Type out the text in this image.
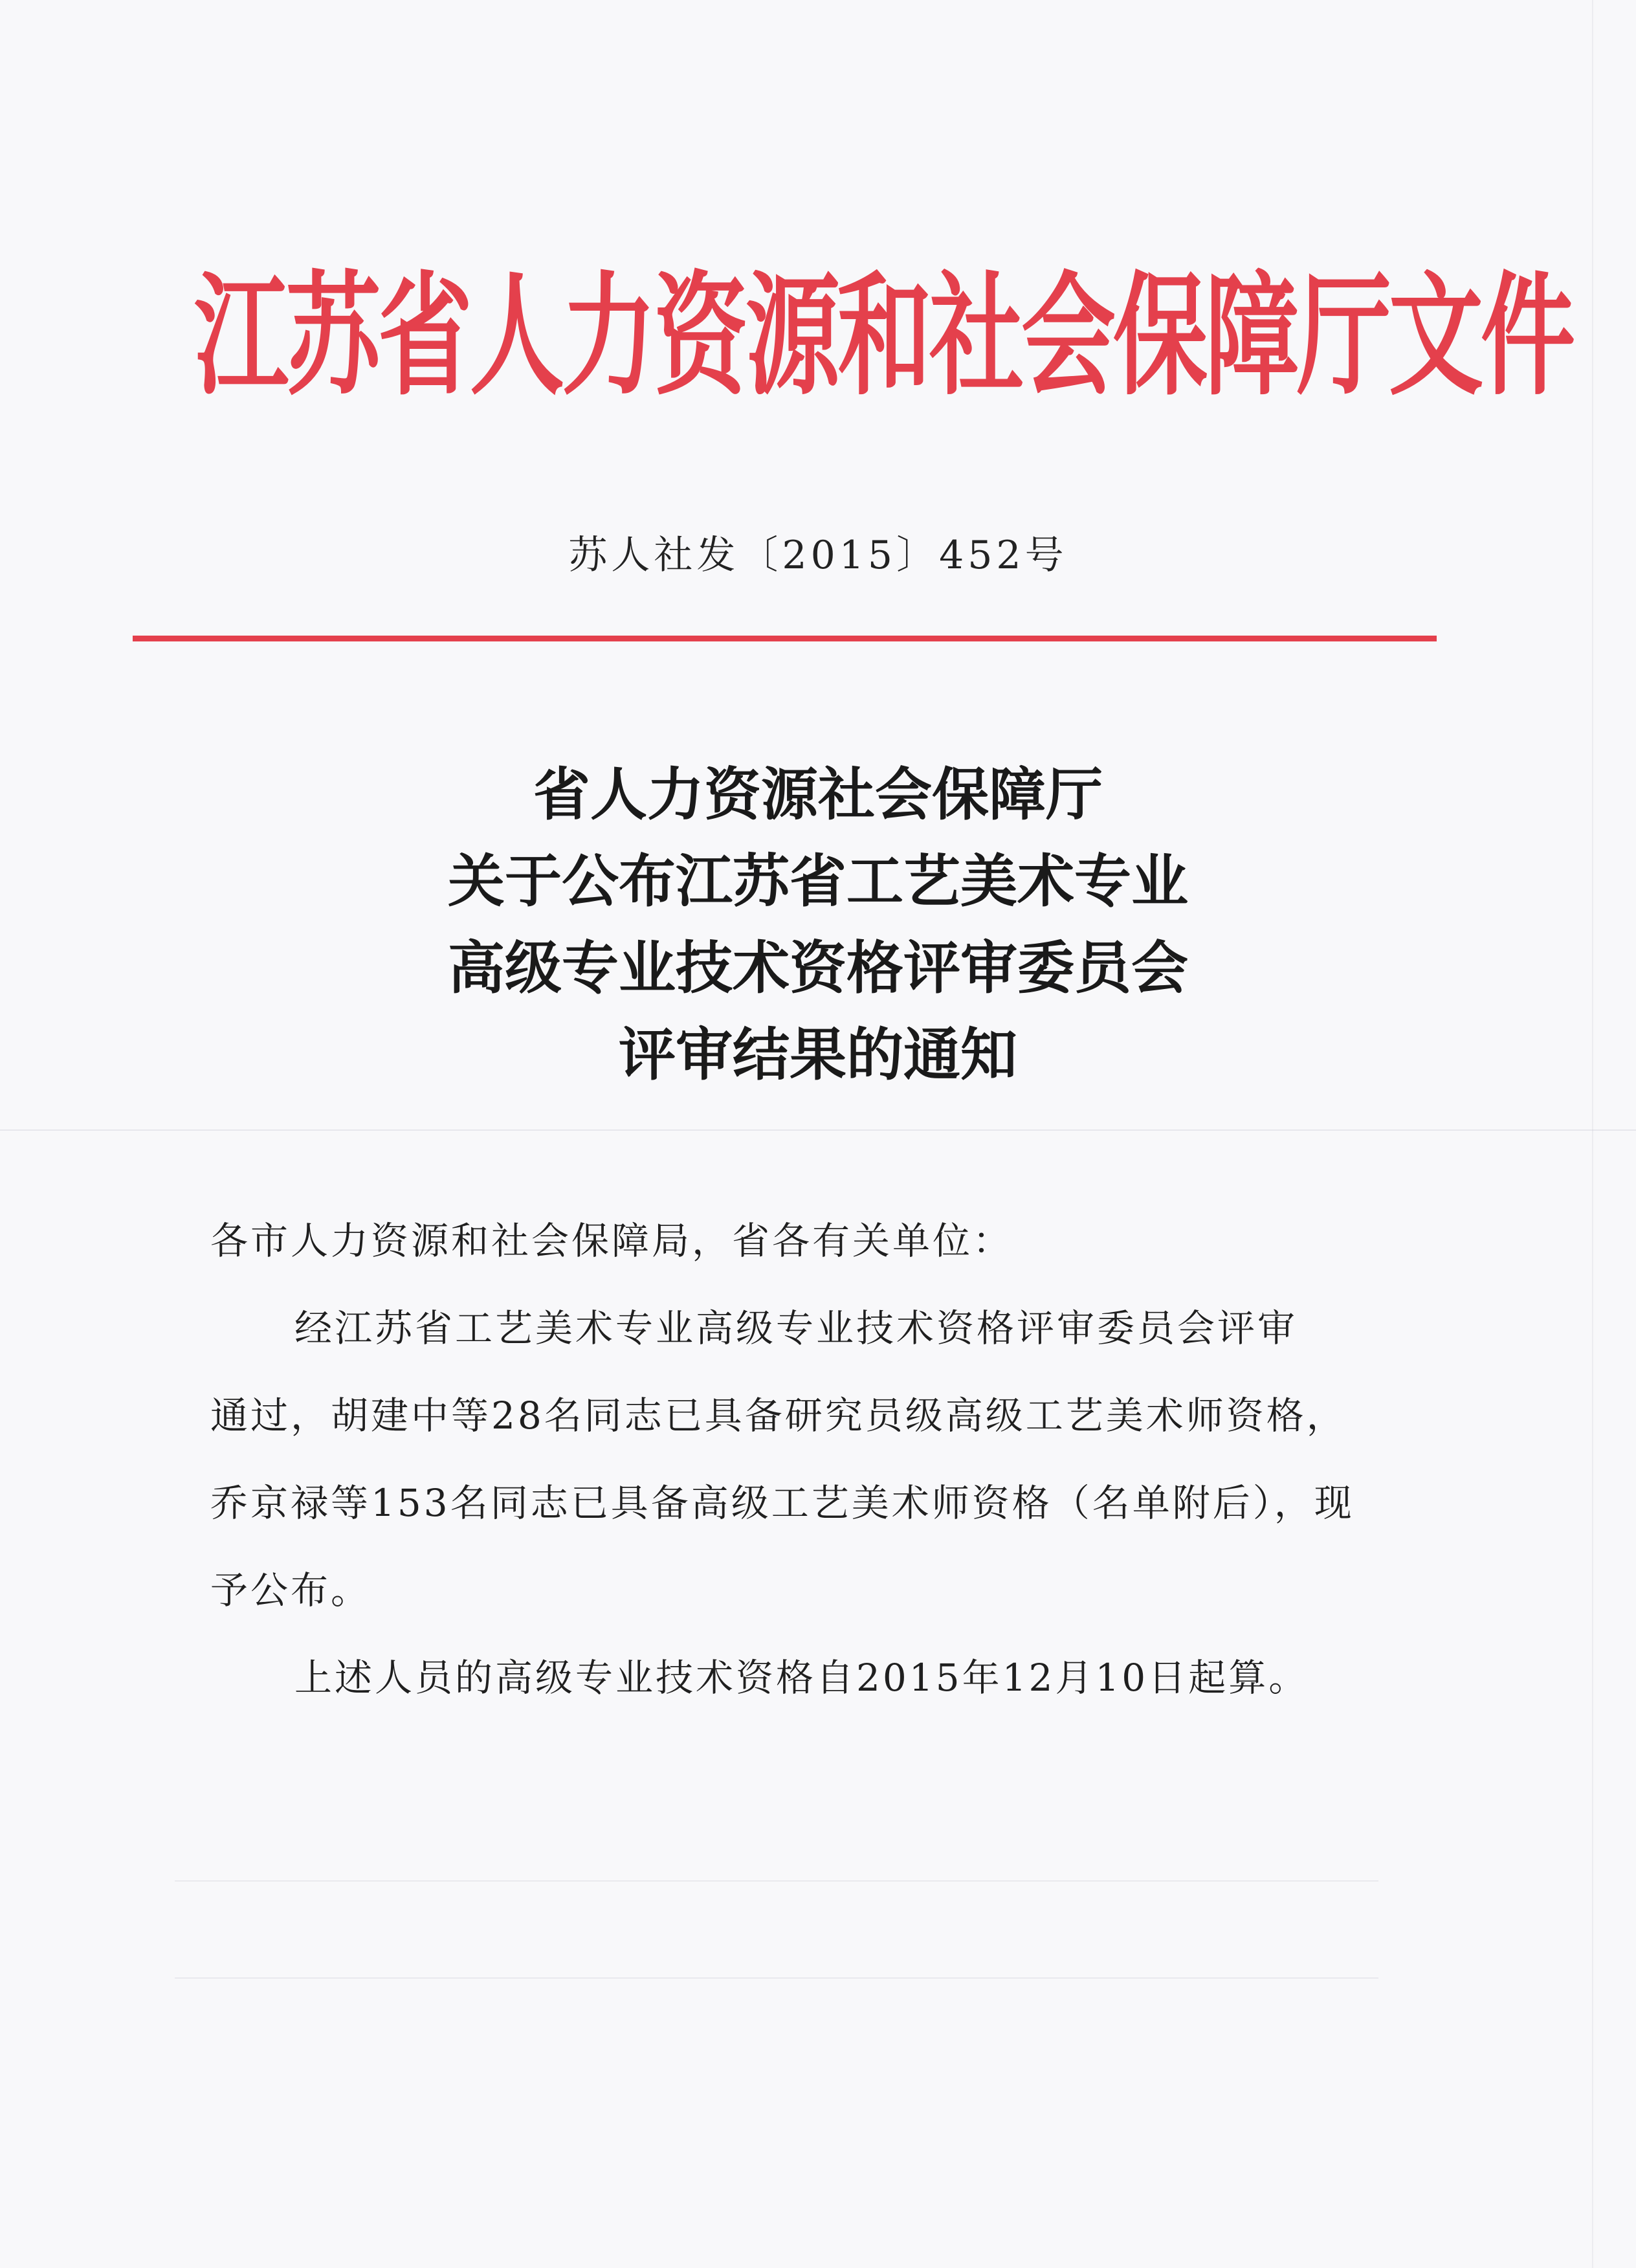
江苏省人力资源和社会保障厅文件

苏人社发〔2015〕452号

省人力资源社会保障厅
关于公布江苏省工艺美术专业
高级专业技术资格评审委员会
评审结果的通知

各市人力资源和社会保障局，省各有关单位：

经江苏省工艺美术专业高级专业技术资格评审委员会评审

通过，胡建中等28名同志已具备研究员级高级工艺美术师资格，

乔京禄等153名同志已具备高级工艺美术师资格（名单附后），现

予公布。

上述人员的高级专业技术资格自2015年12月10日起算。
